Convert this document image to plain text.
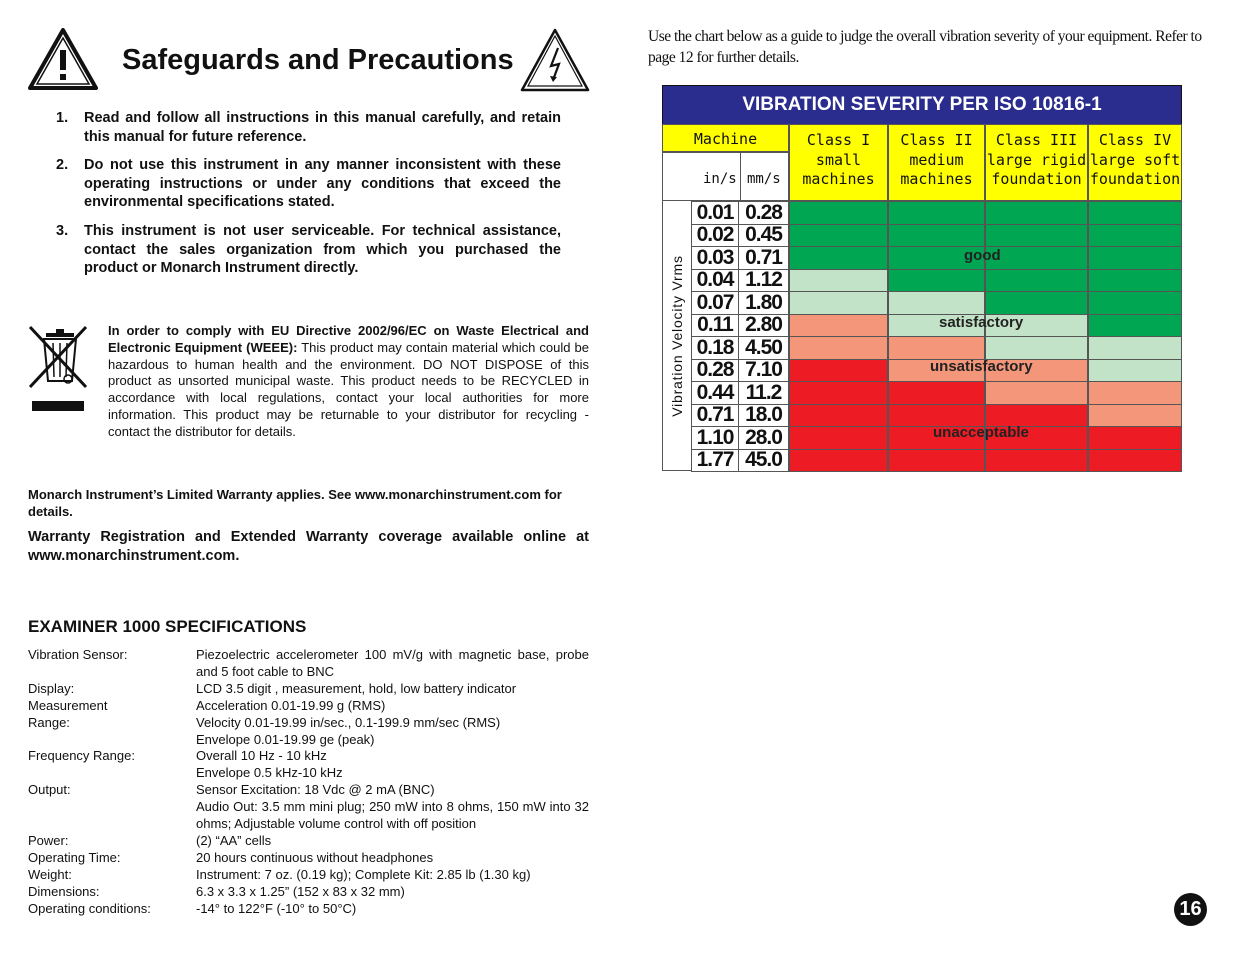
Safeguards and Precautions
1. Read and follow all instructions in this manual carefully, and retain this manual for future reference.
2. Do not use this instrument in any manner inconsistent with these operating instructions or under any conditions that exceed the environmental specifications stated.
3. This instrument is not user serviceable. For technical assistance, contact the sales organization from which you purchased the product or Monarch Instrument directly.
In order to comply with EU Directive 2002/96/EC on Waste Electrical and Electronic Equipment (WEEE): This product may contain material which could be hazardous to human health and the environment. DO NOT DISPOSE of this product as unsorted municipal waste. This product needs to be RECYCLED in accordance with local regulations, contact your local authorities for more information. This product may be returnable to your distributor for recycling - contact the distributor for details.
Monarch Instrument’s Limited Warranty applies. See www.monarchinstrument.com for details.
Warranty Registration and Extended Warranty coverage available online at www.monarchinstrument.com.
EXAMINER 1000 SPECIFICATIONS
Vibration Sensor:	Piezoelectric accelerometer 100 mV/g with magnetic base, probe and 5 foot cable to BNC
Display:	LCD 3.5 digit , measurement, hold, low battery indicator
Measurement	Acceleration 0.01-19.99 g (RMS)
Range:	Velocity 0.01-19.99 in/sec., 0.1-199.9 mm/sec (RMS)
Envelope 0.01-19.99 ge (peak)
Frequency Range:	Overall 10 Hz - 10 kHz
Envelope 0.5 kHz-10 kHz
Output:	Sensor Excitation: 18 Vdc @ 2 mA (BNC)
Audio Out: 3.5 mm mini plug; 250 mW into 8 ohms, 150 mW into 32 ohms; Adjustable volume control with off position
Power:	(2) “AA” cells
Operating Time:	20 hours continuous without headphones
Weight:	Instrument: 7 oz. (0.19 kg); Complete Kit: 2.85 lb (1.30 kg)
Dimensions:	6.3 x 3.3 x 1.25” (152 x 83 x 32 mm)
Operating conditions:	-14° to 122°F (-10° to 50°C)
Use the chart below as a guide to judge the overall vibration severity of your equipment. Refer to page 12 for further details.
VIBRATION SEVERITY PER ISO 10816-1
Machine
in/s mm/s
Class I
small
machines
Class II
medium
machines
Class III
large rigid
foundation
Class IV
large soft
foundation
Vibration Velocity Vrms
0.01 0.28
0.02 0.45
0.03 0.71
0.04 1.12
0.07 1.80
0.11 2.80
0.18 4.50
0.28 7.10
0.44 11.2
0.71 18.0
1.10 28.0
1.77 45.0
good
satisfactory
unsatisfactory
unacceptable
16
